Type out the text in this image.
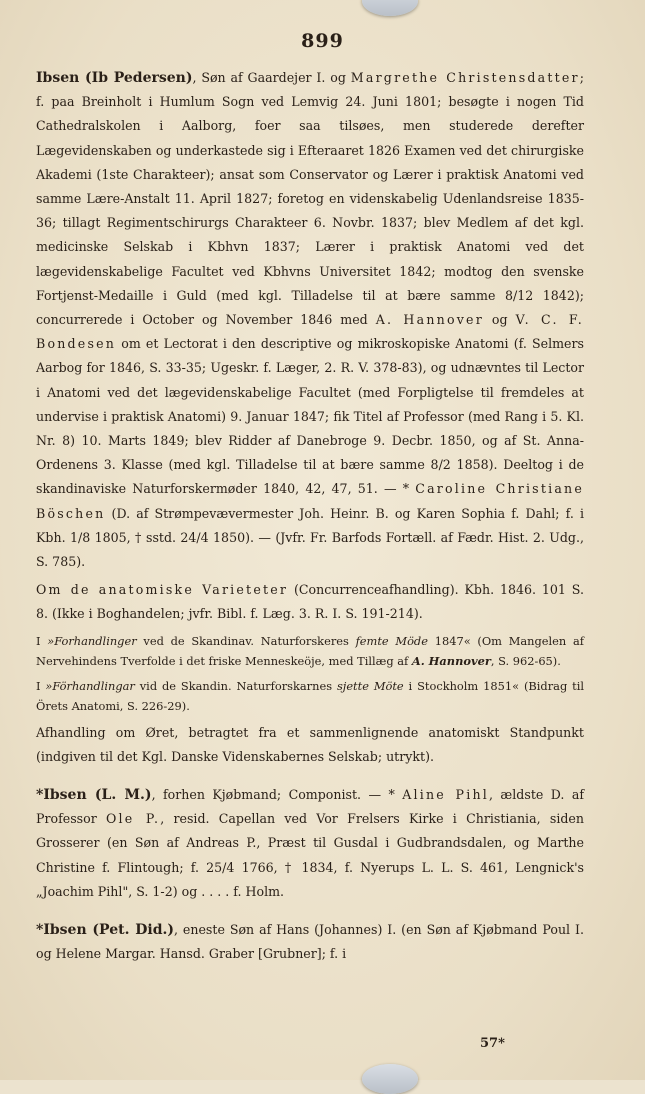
899

Ibsen (Ib Pedersen), Søn af Gaardejer I. og Margrethe Christensdatter; f. paa Breinholt i Humlum Sogn ved Lemvig 24. Juni 1801; besøgte i nogen Tid Cathedralskolen i Aalborg, foer saa tilsøes, men studerede derefter Lægevidenskaben og underkastede sig i Efteraaret 1826 Examen ved det chirurgiske Akademi (1ste Charakteer); ansat som Conservator og Lærer i praktisk Anatomi ved samme Lære-Anstalt 11. April 1827; foretog en videnskabelig Udenlandsreise 1835-36; tillagt Regimentschirurgs Charakteer 6. Novbr. 1837; blev Medlem af det kgl. medicinske Selskab i Kbhvn 1837; Lærer i praktisk Anatomi ved det lægevidenskabelige Facultet ved Kbhvns Universitet 1842; modtog den svenske Fortjenst-Medaille i Guld (med kgl. Tilladelse til at bære samme 8/12 1842); concurrerede i October og November 1846 med A. Hannover og V. C. F. Bondesen om et Lectorat i den descriptive og mikroskopiske Anatomi (f. Selmers Aarbog for 1846, S. 33-35; Ugeskr. f. Læger, 2. R. V. 378-83), og udnævntes til Lector i Anatomi ved det lægevidenskabelige Facultet (med Forpligtelse til fremdeles at undervise i praktisk Anatomi) 9. Januar 1847; fik Titel af Professor (med Rang i 5. Kl. Nr. 8) 10. Marts 1849; blev Ridder af Danebroge 9. Decbr. 1850, og af St. Anna-Ordenens 3. Klasse (med kgl. Tilladelse til at bære samme 8/2 1858). Deeltog i de skandinaviske Naturforskermøder 1840, 42, 47, 51. — * Caroline Christiane Böschen (D. af Strømpevævermester Joh. Heinr. B. og Karen Sophia f. Dahl; f. i Kbh. 1/8 1805, † sstd. 24/4 1850). — (Jvfr. Fr. Barfods Fortæll. af Fædr. Hist. 2. Udg., S. 785).

Om de anatomiske Varieteter (Concurrenceafhandling). Kbh. 1846. 101 S. 8. (Ikke i Boghandelen; jvfr. Bibl. f. Læg. 3. R. I. S. 191-214).

I »Forhandlinger ved de Skandinav. Naturforskeres femte Möde 1847« (Om Mangelen af Nervehindens Tverfolde i det friske Menneskeöje, med Tillæg af A. Hannover, S. 962-65).

I »Förhandlingar vid de Skandin. Naturforskarnes sjette Möte i Stockholm 1851« (Bidrag til Örets Anatomi, S. 226-29).

Afhandling om Øret, betragtet fra et sammenlignende anatomiskt Standpunkt (indgiven til det Kgl. Danske Videnskabernes Selskab; utrykt).

*Ibsen (L. M.), forhen Kjøbmand; Componist. — * Aline Pihl, ældste D. af Professor Ole P., resid. Capellan ved Vor Frelsers Kirke i Christiania, siden Grosserer (en Søn af Andreas P., Præst til Gusdal i Gudbrandsdalen, og Marthe Christine f. Flintough; f. 25/4 1766, † 1834, f. Nyerups L. L. S. 461, Lengnick's „Joachim Pihl", S. 1-2) og . . . . f. Holm.

*Ibsen (Pet. Did.), eneste Søn af Hans (Johannes) I. (en Søn af Kjøbmand Poul I. og Helene Margar. Hansd. Graber [Grubner]; f. i

57*
